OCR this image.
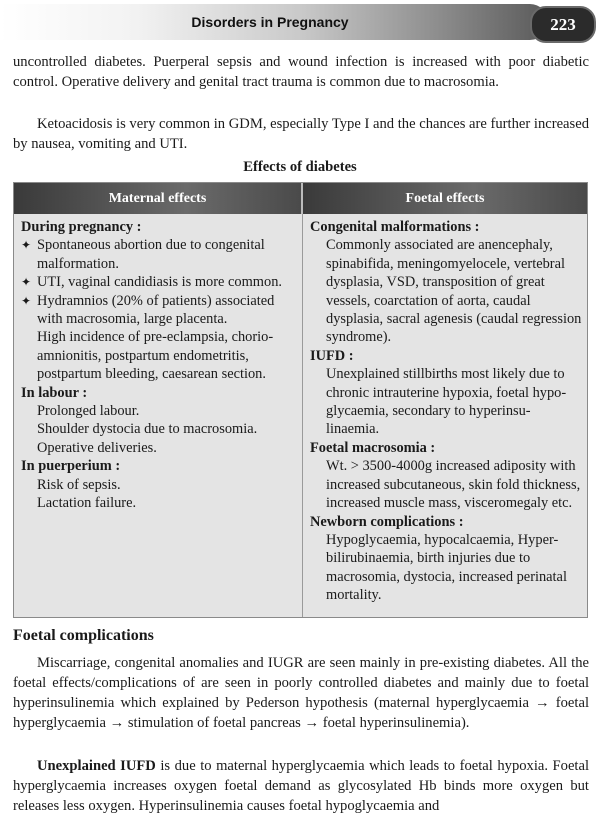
Disorders in Pregnancy	223
uncontrolled diabetes. Puerperal sepsis and wound infection is increased with poor diabetic control. Operative delivery and genital tract trauma is common due to macrosomia.
Ketoacidosis is very common in GDM, especially Type I and the chances are further increased by nausea, vomiting and UTI.
Effects of diabetes
Maternal effects	Foetal effects
During pregnancy :
✦ Spontaneous abortion due to congenital malformation.
✦ UTI, vaginal candidiasis is more common.
✦ Hydramnios (20% of patients) associated with macrosomia, large placenta.
High incidence of pre-eclampsia, chorio-amnionitis, postpartum endometritis, postpartum bleeding, caesarean section.
In labour :
Prolonged labour.
Shoulder dystocia due to macrosomia.
Operative deliveries.
In puerperium :
Risk of sepsis.
Lactation failure.
Congenital malformations :
Commonly associated are anencephaly, spinabifida, meningomyelocele, vertebral dysplasia, VSD, transposition of great vessels, coarctation of aorta, caudal dysplasia, sacral agenesis (caudal regression syndrome).
IUFD :
Unexplained stillbirths most likely due to chronic intrauterine hypoxia, foetal hypo-glycaemia, secondary to hyperinsu-linaemia.
Foetal macrosomia :
Wt. > 3500-4000g increased adiposity with increased subcutaneous, skin fold thickness, increased muscle mass, visceromegaly etc.
Newborn complications :
Hypoglycaemia, hypocalcaemia, Hyper-bilirubinaemia, birth injuries due to macrosomia, dystocia, increased perinatal mortality.
Foetal complications
Miscarriage, congenital anomalies and IUGR are seen mainly in pre-existing diabetes. All the foetal effects/complications of are seen in poorly controlled diabetes and mainly due to foetal hyperinsulinemia which explained by Pederson hypothesis (maternal hyperglycaemia → foetal hyperglycaemia → stimulation of foetal pancreas → foetal hyperinsulinemia).
Unexplained IUFD is due to maternal hyperglycaemia which leads to foetal hypoxia. Foetal hyperglycaemia increases oxygen foetal demand as glycosylated Hb binds more oxygen but releases less oxygen. Hyperinsulinemia causes foetal hypoglycaemia and
